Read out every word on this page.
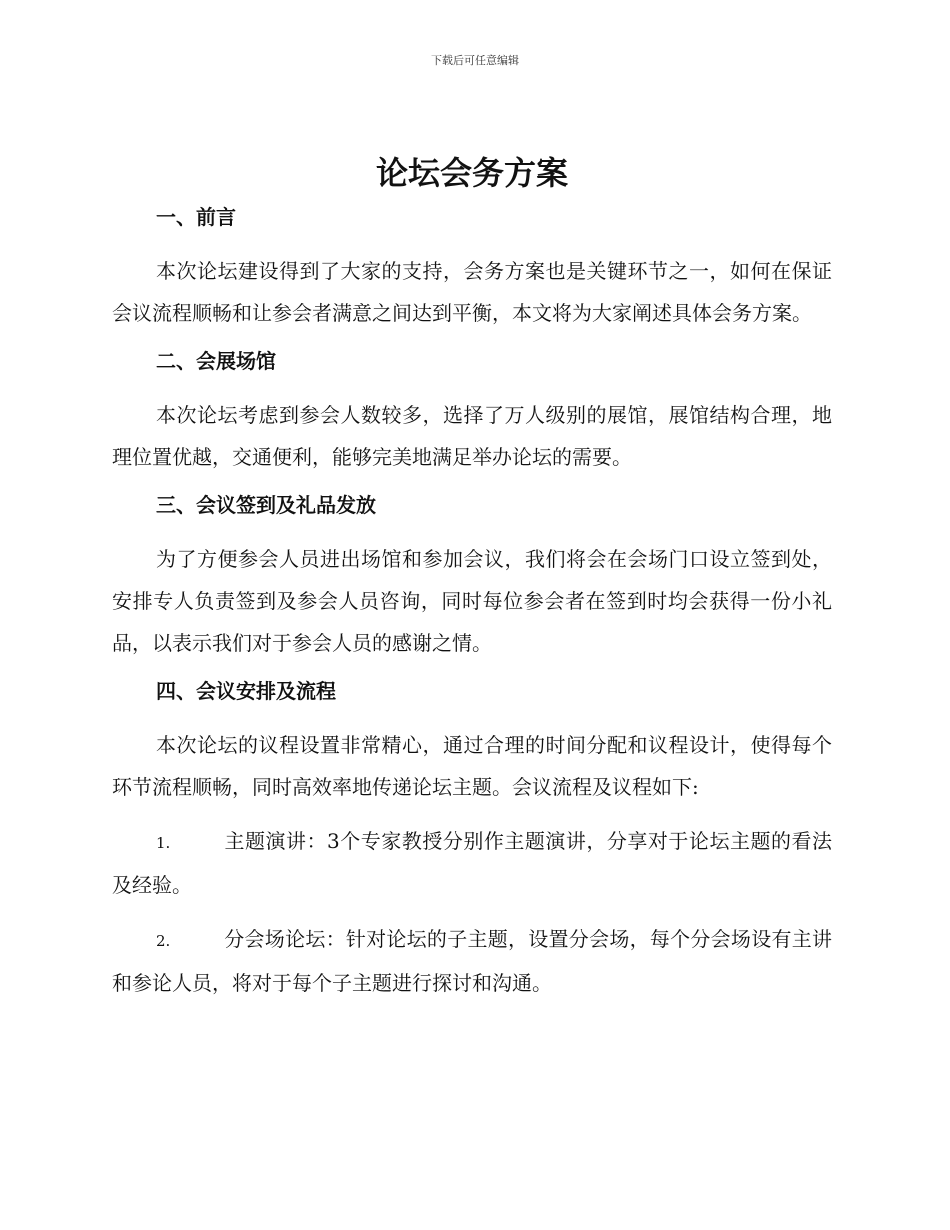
下载后可任意编辑
论坛会务方案
一、前言

本次论坛建设得到了大家的支持，会务方案也是关键环节之一，如何在保证会议流程顺畅和让参会者满意之间达到平衡，本文将为大家阐述具体会务方案。

二、会展场馆

本次论坛考虑到参会人数较多，选择了万人级别的展馆，展馆结构合理，地理位置优越，交通便利，能够完美地满足举办论坛的需要。

三、会议签到及礼品发放

为了方便参会人员进出场馆和参加会议，我们将会在会场门口设立签到处，安排专人负责签到及参会人员咨询，同时每位参会者在签到时均会获得一份小礼品，以表示我们对于参会人员的感谢之情。

四、会议安排及流程

本次论坛的议程设置非常精心，通过合理的时间分配和议程设计，使得每个环节流程顺畅，同时高效率地传递论坛主题。会议流程及议程如下:

1.	主题演讲：3个专家教授分别作主题演讲，分享对于论坛主题的看法及经验。

2.	分会场论坛：针对论坛的子主题，设置分会场，每个分会场设有主讲和参论人员，将对于每个子主题进行探讨和沟通。
